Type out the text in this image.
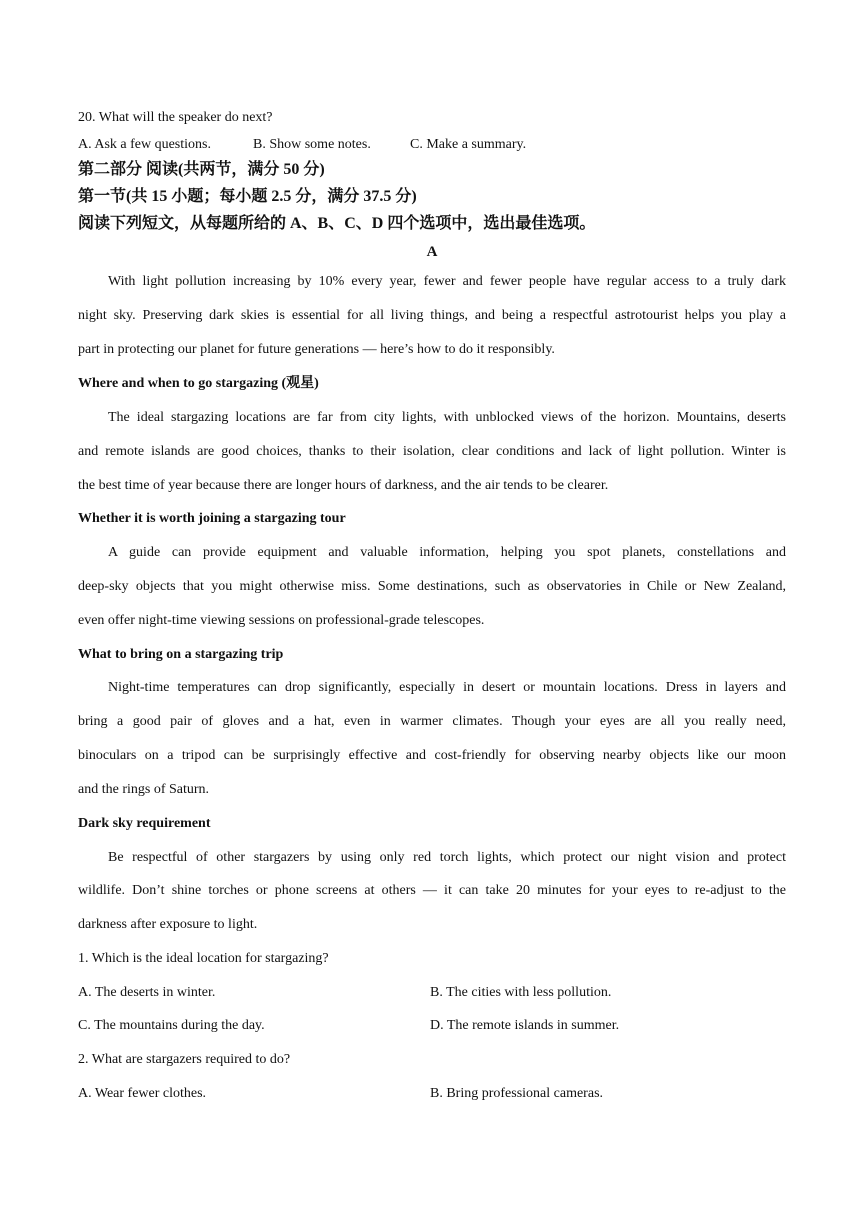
20. What will the speaker do next?
A. Ask a few questions.	B. Show some notes.	C. Make a summary.
第二部分 阅读(共两节，满分 50 分)
第一节(共 15 小题；每小题 2.5 分，满分 37.5 分)
阅读下列短文，从每题所给的 A、B、C、D 四个选项中，选出最佳选项。
A
With light pollution increasing by 10% every year, fewer and fewer people have regular access to a truly dark
night sky. Preserving dark skies is essential for all living things, and being a respectful astrotourist helps you play a
part in protecting our planet for future generations — here’s how to do it responsibly.
Where and when to go stargazing (观星)
The ideal stargazing locations are far from city lights, with unblocked views of the horizon. Mountains, deserts
and remote islands are good choices, thanks to their isolation, clear conditions and lack of light pollution. Winter is
the best time of year because there are longer hours of darkness, and the air tends to be clearer.
Whether it is worth joining a stargazing tour
A guide can provide equipment and valuable information, helping you spot planets, constellations and
deep-sky objects that you might otherwise miss. Some destinations, such as observatories in Chile or New Zealand,
even offer night-time viewing sessions on professional-grade telescopes.
What to bring on a stargazing trip
Night-time temperatures can drop significantly, especially in desert or mountain locations. Dress in layers and
bring a good pair of gloves and a hat, even in warmer climates. Though your eyes are all you really need,
binoculars on a tripod can be surprisingly effective and cost-friendly for observing nearby objects like our moon
and the rings of Saturn.
Dark sky requirement
Be respectful of other stargazers by using only red torch lights, which protect our night vision and protect
wildlife. Don’t shine torches or phone screens at others — it can take 20 minutes for your eyes to re-adjust to the
darkness after exposure to light.
1. Which is the ideal location for stargazing?
A. The deserts in winter.	B. The cities with less pollution.
C. The mountains during the day.	D. The remote islands in summer.
2. What are stargazers required to do?
A. Wear fewer clothes.	B. Bring professional cameras.
